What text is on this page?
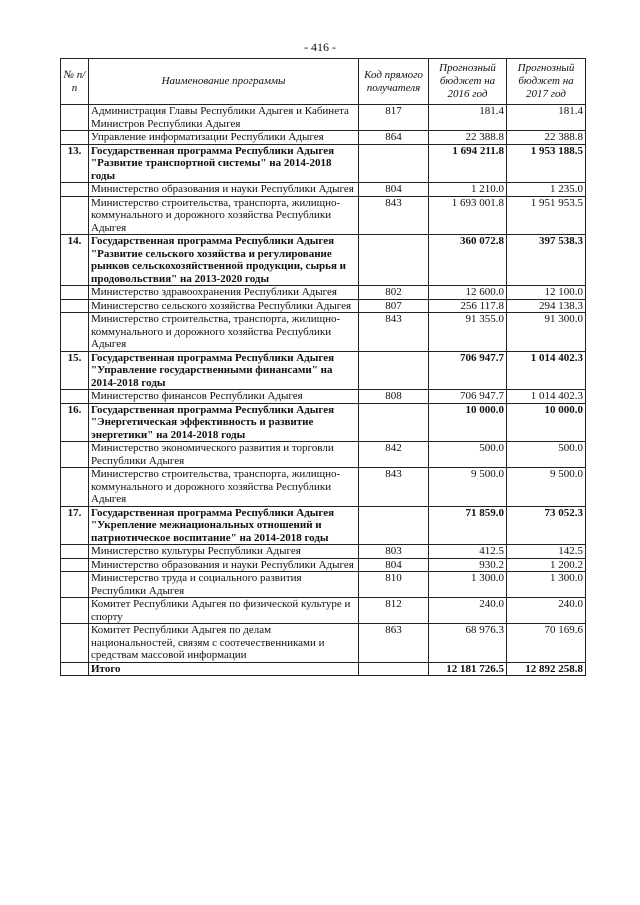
- 416 -
№ п/п	Наименование программы	Код прямого получателя	Прогнозный бюджет на 2016 год	Прогнозный бюджет на 2017 год
	Администрация Главы Республики Адыгея и Кабинета Министров Республики Адыгея	817	181.4	181.4
	Управление информатизации Республики Адыгея	864	22 388.8	22 388.8
13.	Государственная программа Республики Адыгея "Развитие транспортной системы" на 2014-2018 годы		1 694 211.8	1 953 188.5
	Министерство образования и науки Республики Адыгея	804	1 210.0	1 235.0
	Министерство строительства, транспорта, жилищно-коммунального и дорожного хозяйства Республики Адыгея	843	1 693 001.8	1 951 953.5
14.	Государственная программа Республики Адыгея "Развитие сельского хозяйства и регулирование рынков сельскохозяйственной продукции, сырья и продовольствия" на 2013-2020 годы		360 072.8	397 538.3
	Министерство здравоохранения Республики Адыгея	802	12 600.0	12 100.0
	Министерство сельского хозяйства Республики Адыгея	807	256 117.8	294 138.3
	Министерство строительства, транспорта, жилищно-коммунального и дорожного хозяйства Республики Адыгея	843	91 355.0	91 300.0
15.	Государственная программа Республики Адыгея "Управление государственными финансами" на 2014-2018 годы		706 947.7	1 014 402.3
	Министерство финансов Республики Адыгея	808	706 947.7	1 014 402.3
16.	Государственная программа Республики Адыгея "Энергетическая эффективность и развитие энергетики" на 2014-2018 годы		10 000.0	10 000.0
	Министерство экономического развития и торговли Республики Адыгея	842	500.0	500.0
	Министерство строительства, транспорта, жилищно-коммунального и дорожного хозяйства Республики Адыгея	843	9 500.0	9 500.0
17.	Государственная программа Республики Адыгея "Укрепление межнациональных отношений и патриотическое воспитание" на 2014-2018 годы		71 859.0	73 052.3
	Министерство культуры Республики Адыгея	803	412.5	142.5
	Министерство образования и науки Республики Адыгея	804	930.2	1 200.2
	Министерство труда и социального развития Республики Адыгея	810	1 300.0	1 300.0
	Комитет Республики Адыгея по физической культуре и спорту	812	240.0	240.0
	Комитет Республики Адыгея по делам национальностей, связям с соотечественниками и средствам массовой информации	863	68 976.3	70 169.6
	Итого		12 181 726.5	12 892 258.8
